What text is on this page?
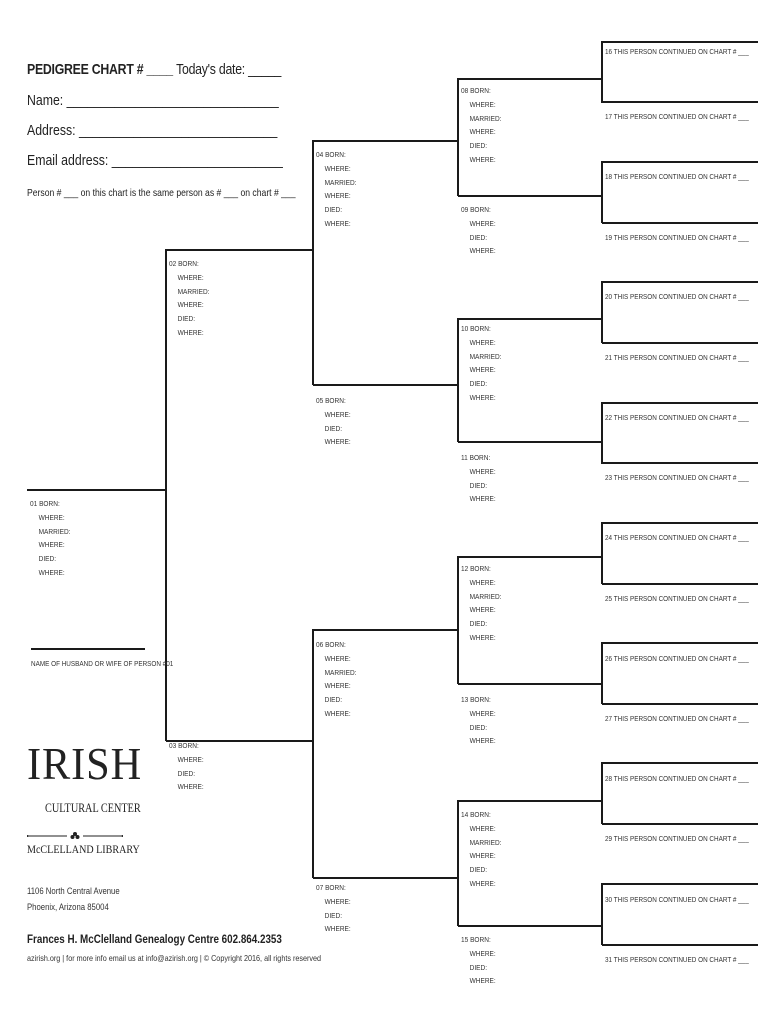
PEDIGREE CHART # ____ Today's date: _____
Name: _______________________________
Address: _____________________________
Email address: _________________________
Person # ___ on this chart is the same person as # ___ on chart # ___
01 BORN:
WHERE:
MARRIED:
WHERE:
DIED:
WHERE:
02 BORN:
WHERE:
MARRIED:
WHERE:
DIED:
WHERE:
03 BORN:
WHERE:
DIED:
WHERE:
04 BORN:
WHERE:
MARRIED:
WHERE:
DIED:
WHERE:
05 BORN:
WHERE:
DIED:
WHERE:
06 BORN:
WHERE:
MARRIED:
WHERE:
DIED:
WHERE:
07 BORN:
WHERE:
DIED:
WHERE:
08 BORN:
WHERE:
MARRIED:
WHERE:
DIED:
WHERE:
09 BORN:
WHERE:
DIED:
WHERE:
10 BORN:
WHERE:
MARRIED:
WHERE:
DIED:
WHERE:
11 BORN:
WHERE:
DIED:
WHERE:
12 BORN:
WHERE:
MARRIED:
WHERE:
DIED:
WHERE:
13 BORN:
WHERE:
DIED:
WHERE:
14 BORN:
WHERE:
MARRIED:
WHERE:
DIED:
WHERE:
15 BORN:
WHERE:
DIED:
WHERE:
16 THIS PERSON CONTINUED ON CHART # ___
17 THIS PERSON CONTINUED ON CHART # ___
18 THIS PERSON CONTINUED ON CHART # ___
19 THIS PERSON CONTINUED ON CHART # ___
20 THIS PERSON CONTINUED ON CHART # ___
21 THIS PERSON CONTINUED ON CHART # ___
22 THIS PERSON CONTINUED ON CHART # ___
23 THIS PERSON CONTINUED ON CHART # ___
24 THIS PERSON CONTINUED ON CHART # ___
25 THIS PERSON CONTINUED ON CHART # ___
26 THIS PERSON CONTINUED ON CHART # ___
27 THIS PERSON CONTINUED ON CHART # ___
28 THIS PERSON CONTINUED ON CHART # ___
29 THIS PERSON CONTINUED ON CHART # ___
30 THIS PERSON CONTINUED ON CHART # ___
31 THIS PERSON CONTINUED ON CHART # ___
NAME OF HUSBAND OR WIFE OF PERSON #01
IRISH
CULTURAL CENTER
McCLELLAND LIBRARY
1106 North Central Avenue
Phoenix, Arizona 85004
Frances H. McClelland Genealogy Centre 602.864.2353
azirish.org | for more info email us at info@azirish.org | © Copyright 2016, all rights reserved
